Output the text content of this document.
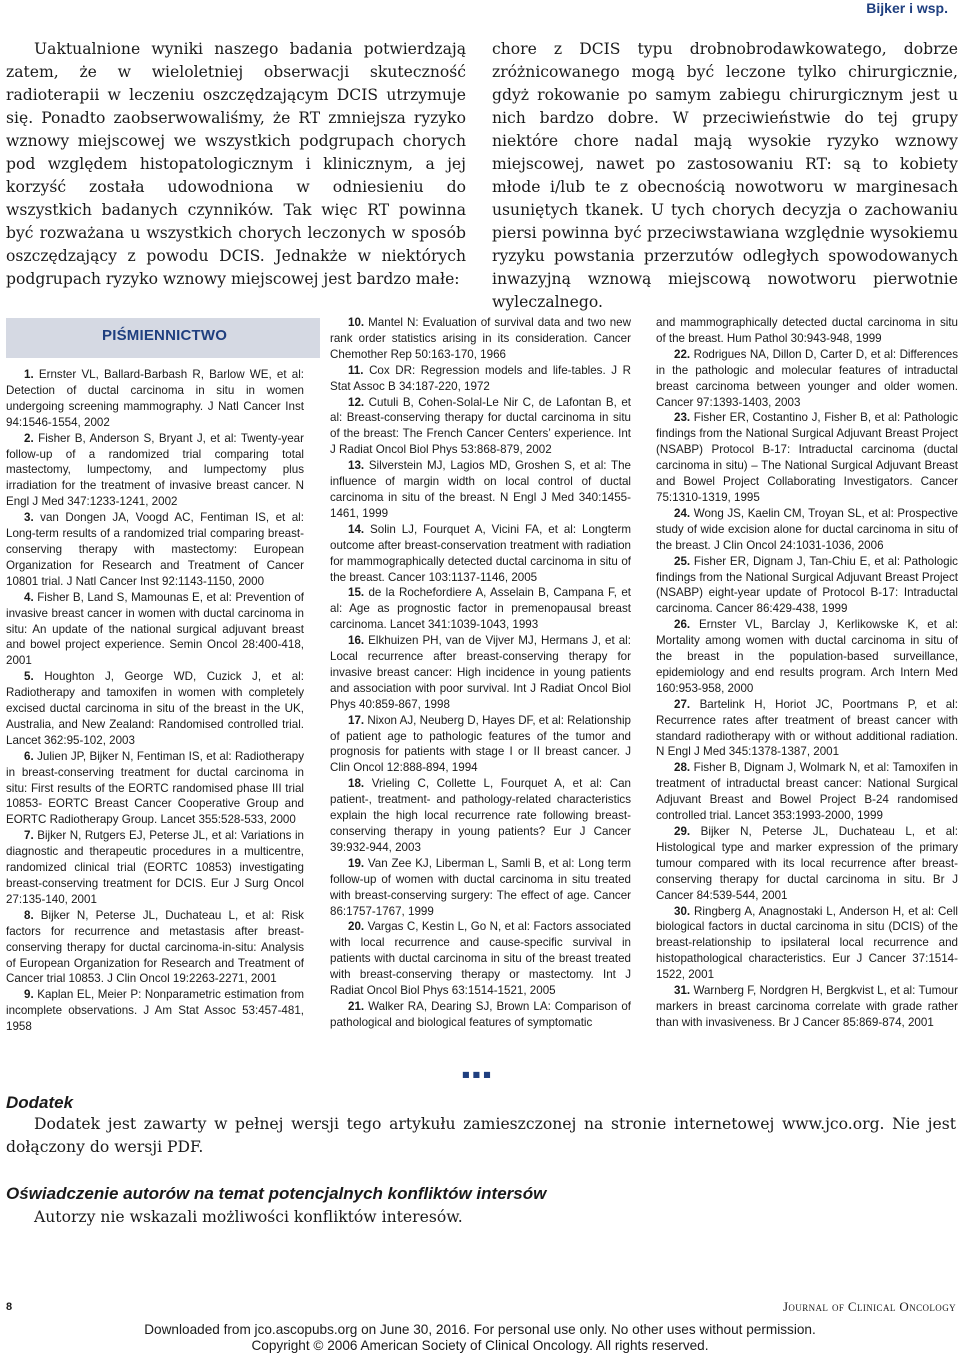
Bijker i wsp.
Uaktualnione wyniki naszego badania potwierdzają zatem, że w wieloletniej obserwacji skuteczność radioterapii w leczeniu oszczędzającym DCIS utrzymuje się. Ponadto zaobserwowaliśmy, że RT zmniejsza ryzyko wznowy miejscowej we wszystkich podgrupach chorych pod względem histopatologicznym i klinicznym, a jej korzyść została udowodniona w odniesieniu do wszystkich badanych czynników. Tak więc RT powinna być rozważana u wszystkich chorych leczonych w sposób oszczędzający z powodu DCIS. Jednakże w niektórych podgrupach ryzyko wznowy miejscowej jest bardzo małe:
chore z DCIS typu drobnobrodawkowatego, dobrze zróżnicowanego mogą być leczone tylko chirurgicznie, gdyż rokowanie po samym zabiegu chirurgicznym jest u nich bardzo dobre. W przeciwieństwie do tej grupy niektóre chore nadal mają wysokie ryzyko wznowy miejscowej, nawet po zastosowaniu RT: są to kobiety młode i/lub te z obecnością nowotworu w marginesach usuniętych tkanek. U tych chorych decyzja o zachowaniu piersi powinna być przeciwstawiana względnie wysokiemu ryzyku powstania przerzutów odległych spowodowanych inwazyjną wznową miejscową nowotworu pierwotnie wyleczalnego.
PIŚMIENNICTWO

1. Ernster VL, Ballard-Barbash R, Barlow WE, et al: Detection of ductal carcinoma in situ in women undergoing screening mammography. J Natl Cancer Inst 94:1546-1554, 2002

2. Fisher B, Anderson S, Bryant J, et al: Twenty-year follow-up of a randomized trial comparing total mastectomy, lumpectomy, and lumpectomy plus irradiation for the treatment of invasive breast cancer. N Engl J Med 347:1233-1241, 2002

3. van Dongen JA, Voogd AC, Fentiman IS, et al: Long-term results of a randomized trial comparing breast-conserving therapy with mastectomy: European Organization for Research and Treatment of Cancer 10801 trial. J Natl Cancer Inst 92:1143-1150, 2000

4. Fisher B, Land S, Mamounas E, et al: Prevention of invasive breast cancer in women with ductal carcinoma in situ: An update of the national surgical adjuvant breast and bowel project experience. Semin Oncol 28:400-418, 2001

5. Houghton J, George WD, Cuzick J, et al: Radiotherapy and tamoxifen in women with completely excised ductal carcinoma in situ of the breast in the UK, Australia, and New Zealand: Randomised controlled trial. Lancet 362:95-102, 2003

6. Julien JP, Bijker N, Fentiman IS, et al: Radiotherapy in breast-conserving treatment for ductal carcinoma in situ: First results of the EORTC randomised phase III trial 10853- EORTC Breast Cancer Cooperative Group and EORTC Radiotherapy Group. Lancet 355:528-533, 2000

7. Bijker N, Rutgers EJ, Peterse JL, et al: Variations in diagnostic and therapeutic procedures in a multicentre, randomized clinical trial (EORTC 10853) investigating breast-conserving treatment for DCIS. Eur J Surg Oncol 27:135-140, 2001

8. Bijker N, Peterse JL, Duchateau L, et al: Risk factors for recurrence and metastasis after breast-conserving therapy for ductal carcinoma-in-situ: Analysis of European Organization for Research and Treatment of Cancer trial 10853. J Clin Oncol 19:2263-2271, 2001

9. Kaplan EL, Meier P: Nonparametric estimation from incomplete observations. J Am Stat Assoc 53:457-481, 1958

10. Mantel N: Evaluation of survival data and two new rank order statistics arising in its consideration. Cancer Chemother Rep 50:163-170, 1966

11. Cox DR: Regression models and life-tables. J R Stat Assoc B 34:187-220, 1972

12. Cutuli B, Cohen-Solal-Le Nir C, de Lafontan B, et al: Breast-conserving therapy for ductal carcinoma in situ of the breast: The French Cancer Centers’ experience. Int J Radiat Oncol Biol Phys 53:868-879, 2002

13. Silverstein MJ, Lagios MD, Groshen S, et al: The influence of margin width on local control of ductal carcinoma in situ of the breast. N Engl J Med 340:1455-1461, 1999

14. Solin LJ, Fourquet A, Vicini FA, et al: Longterm outcome after breast-conservation treatment with radiation for mammographically detected ductal carcinoma in situ of the breast. Cancer 103:1137-1146, 2005

15. de la Rochefordiere A, Asselain B, Campana F, et al: Age as prognostic factor in premenopausal breast carcinoma. Lancet 341:1039-1043, 1993

16. Elkhuizen PH, van de Vijver MJ, Hermans J, et al: Local recurrence after breast-conserving therapy for invasive breast cancer: High incidence in young patients and association with poor survival. Int J Radiat Oncol Biol Phys 40:859-867, 1998

17. Nixon AJ, Neuberg D, Hayes DF, et al: Relationship of patient age to pathologic features of the tumor and prognosis for patients with stage I or II breast cancer. J Clin Oncol 12:888-894, 1994

18. Vrieling C, Collette L, Fourquet A, et al: Can patient-, treatment- and pathology-related characteristics explain the high local recurrence rate following breast-conserving therapy in young patients? Eur J Cancer 39:932-944, 2003

19. Van Zee KJ, Liberman L, Samli B, et al: Long term follow-up of women with ductal carcinoma in situ treated with breast-conserving surgery: The effect of age. Cancer 86:1757-1767, 1999

20. Vargas C, Kestin L, Go N, et al: Factors associated with local recurrence and cause-specific survival in patients with ductal carcinoma in situ of the breast treated with breast-conserving therapy or mastectomy. Int J Radiat Oncol Biol Phys 63:1514-1521, 2005

21. Walker RA, Dearing SJ, Brown LA: Comparison of pathological and biological features of symptomatic

and mammographically detected ductal carcinoma in situ of the breast. Hum Pathol 30:943-948, 1999

22. Rodrigues NA, Dillon D, Carter D, et al: Differences in the pathologic and molecular features of intraductal breast carcinoma between younger and older women. Cancer 97:1393-1403, 2003

23. Fisher ER, Costantino J, Fisher B, et al: Pathologic findings from the National Surgical Adjuvant Breast Project (NSABP) Protocol B-17: Intraductal carcinoma (ductal carcinoma in situ) – The National Surgical Adjuvant Breast and Bowel Project Collaborating Investigators. Cancer 75:1310-1319, 1995

24. Wong JS, Kaelin CM, Troyan SL, et al: Prospective study of wide excision alone for ductal carcinoma in situ of the breast. J Clin Oncol 24:1031-1036, 2006

25. Fisher ER, Dignam J, Tan-Chiu E, et al: Pathologic findings from the National Surgical Adjuvant Breast Project (NSABP) eight-year update of Protocol B-17: Intraductal carcinoma. Cancer 86:429-438, 1999

26. Ernster VL, Barclay J, Kerlikowske K, et al: Mortality among women with ductal carcinoma in situ of the breast in the population-based surveillance, epidemiology and end results program. Arch Intern Med 160:953-958, 2000

27. Bartelink H, Horiot JC, Poortmans P, et al: Recurrence rates after treatment of breast cancer with standard radiotherapy with or without additional radiation. N Engl J Med 345:1378-1387, 2001

28. Fisher B, Dignam J, Wolmark N, et al: Tamoxifen in treatment of intraductal breast cancer: National Surgical Adjuvant Breast and Bowel Project B-24 randomised controlled trial. Lancet 353:1993-2000, 1999

29. Bijker N, Peterse JL, Duchateau L, et al: Histological type and marker expression of the primary tumour compared with its local recurrence after breast-conserving therapy for ductal carcinoma in situ. Br J Cancer 84:539-544, 2001

30. Ringberg A, Anagnostaki L, Anderson H, et al: Cell biological factors in ductal carcinoma in situ (DCIS) of the breast-relationship to ipsilateral local recurrence and histopathological characteristics. Eur J Cancer 37:1514-1522, 2001

31. Warnberg F, Nordgren H, Bergkvist L, et al: Tumour markers in breast carcinoma correlate with grade rather than with invasiveness. Br J Cancer 85:869-874, 2001

■■■
Dodatek
Dodatek jest zawarty w pełnej wersji tego artykułu zamieszczonej na stronie internetowej www.jco.org. Nie jest dołączony do wersji PDF.
Oświadczenie autorów na temat potencjalnych konfliktów intersów
Autorzy nie wskazali możliwości konfliktów interesów.
8	Journal of Clinical Oncology
Downloaded from jco.ascopubs.org on June 30, 2016. For personal use only. No other uses without permission.
Copyright © 2006 American Society of Clinical Oncology. All rights reserved.
